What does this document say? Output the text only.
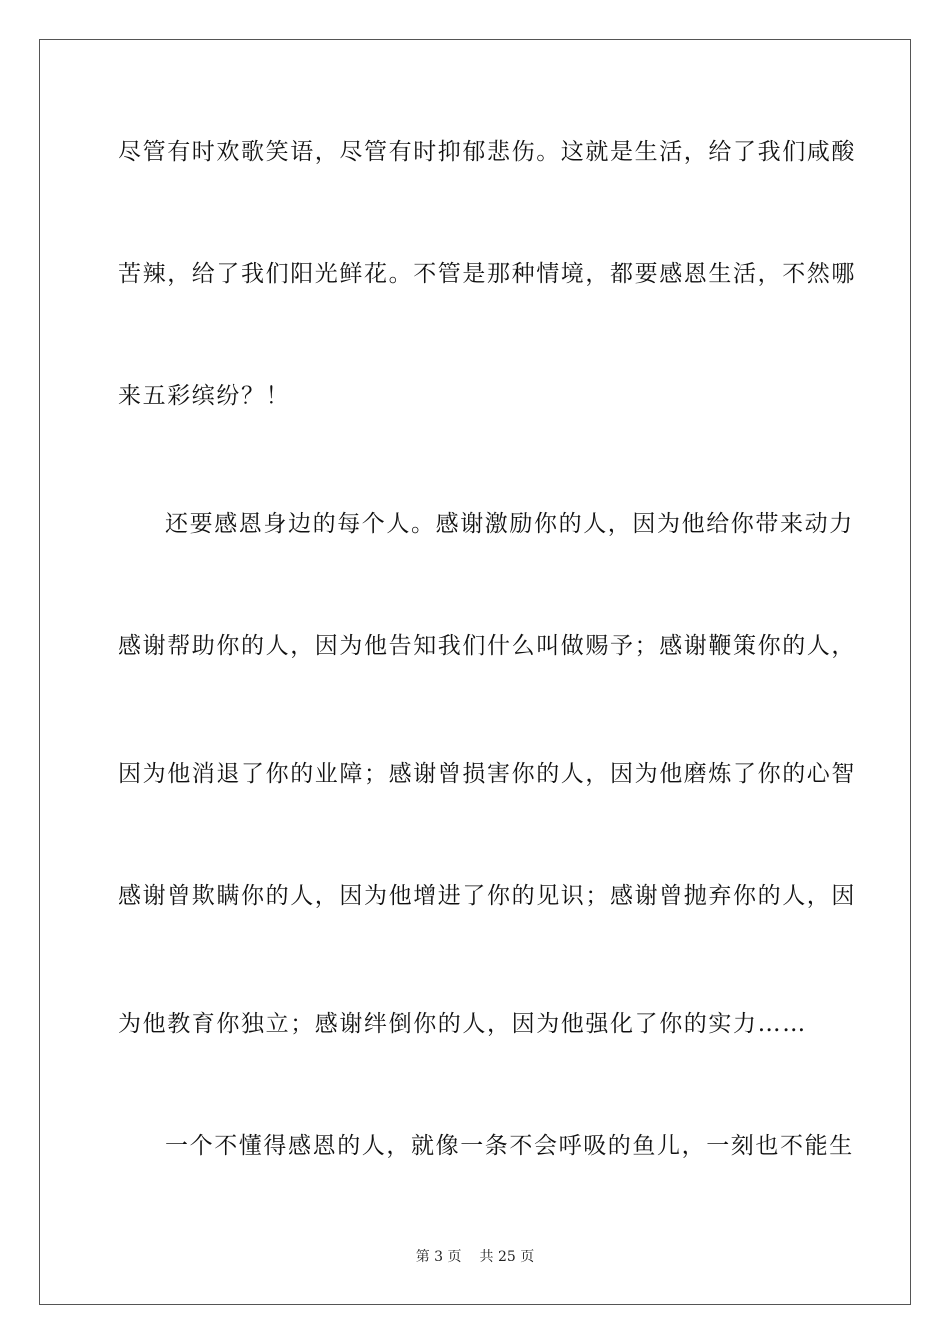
尽管有时欢歌笑语，尽管有时抑郁悲伤。这就是生活，给了我们咸酸
苦辣，给了我们阳光鲜花。不管是那种情境，都要感恩生活，不然哪
来五彩缤纷？！
还要感恩身边的每个人。感谢激励你的人，因为他给你带来动力
感谢帮助你的人，因为他告知我们什么叫做赐予；感谢鞭策你的人，
因为他消退了你的业障；感谢曾损害你的人，因为他磨炼了你的心智
感谢曾欺瞒你的人，因为他增进了你的见识；感谢曾抛弃你的人，因
为他教育你独立；感谢绊倒你的人，因为他强化了你的实力……
一个不懂得感恩的人，就像一条不会呼吸的鱼儿，一刻也不能生
第 3 页 共 25 页
